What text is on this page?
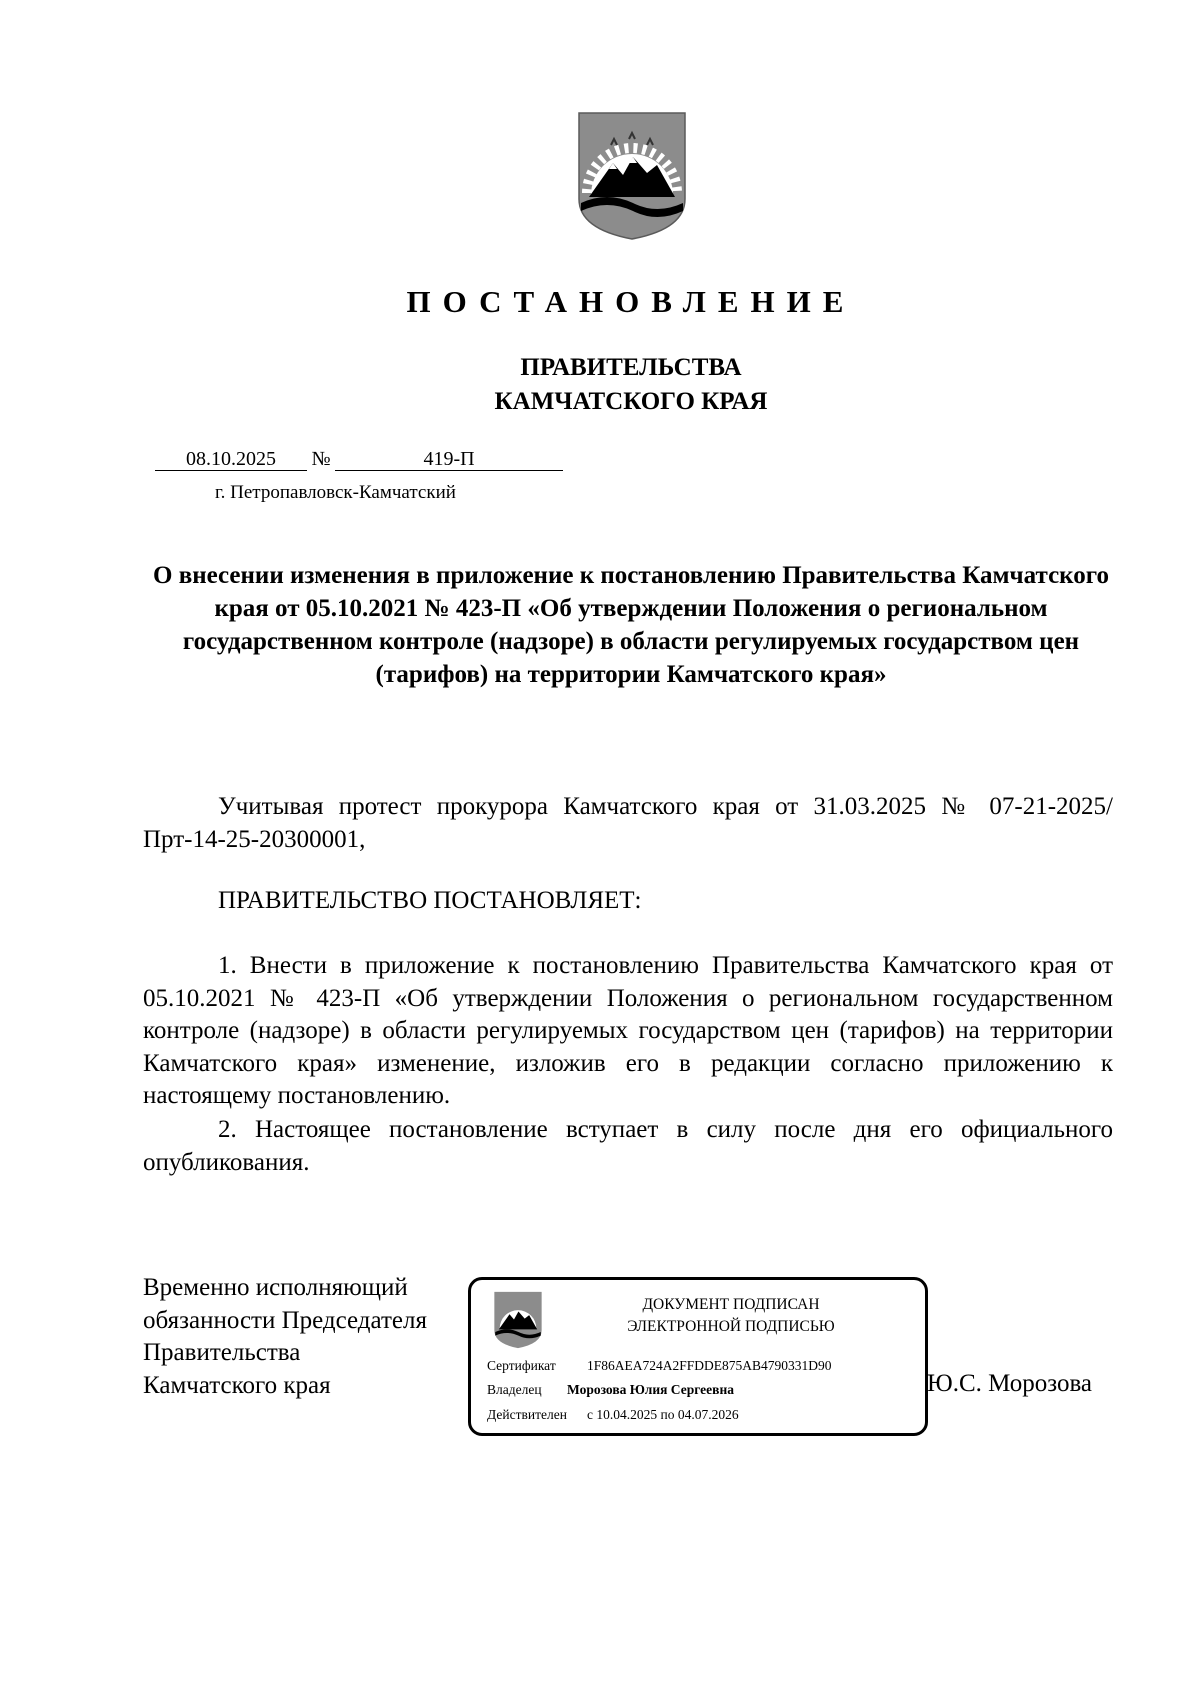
ПОСТАНОВЛЕНИЕ
ПРАВИТЕЛЬСТВА
КАМЧАТСКОГО КРАЯ
08.10.2025 №	419-П
г. Петропавловск-Камчатский
О внесении изменения в приложение к постановлению Правительства Камчатского края от 05.10.2021 № 423-П «Об утверждении Положения о региональном государственном контроле (надзоре) в области регулируемых государством цен (тарифов) на территории Камчатского края»
Учитывая протест прокурора Камчатского края от 31.03.2025 № 07-21-2025/Прт-14-25-20300001,
ПРАВИТЕЛЬСТВО ПОСТАНОВЛЯЕТ:
1. Внести в приложение к постановлению Правительства Камчатского края от 05.10.2021 № 423-П «Об утверждении Положения о региональном государственном контроле (надзоре) в области регулируемых государством цен (тарифов) на территории Камчатского края» изменение, изложив его в редакции согласно приложению к настоящему постановлению.
2. Настоящее постановление вступает в силу после дня его официального опубликования.
Временно исполняющий
обязанности Председателя
Правительства
Камчатского края
ДОКУМЕНТ ПОДПИСАН
ЭЛЕКТРОННОЙ ПОДПИСЬЮ
Сертификат 1F86AEA724A2FFDDE875AB4790331D90
Владелец Морозова Юлия Сергеевна
Действителен с 10.04.2025 по 04.07.2026
Ю.С. Морозова
